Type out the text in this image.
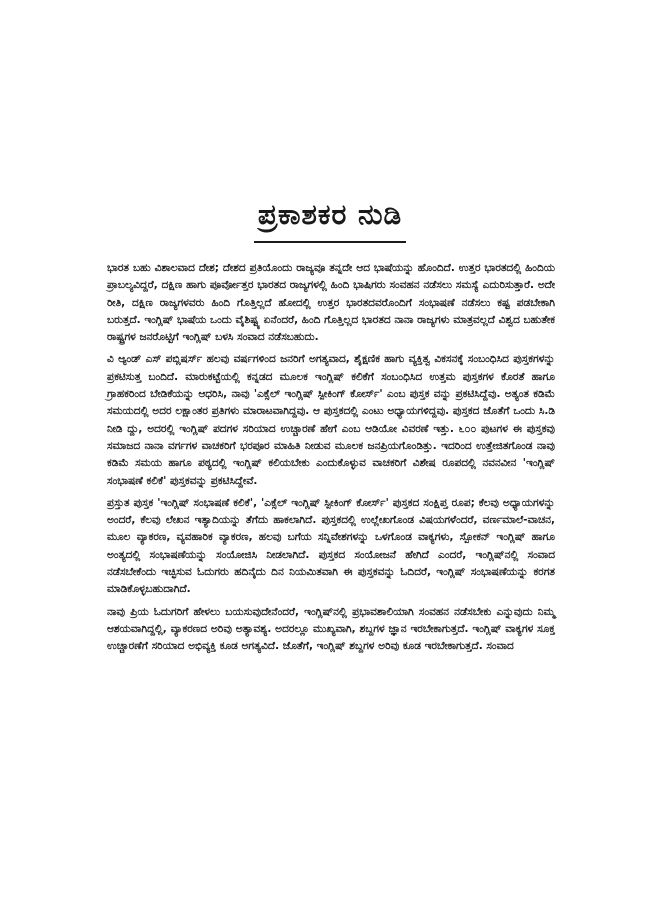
ಪ್ರಕಾಶಕರ ನುಡಿ

ಭಾರತ ಬಹು ವಿಶಾಲವಾದ ದೇಶ; ದೇಶದ ಪ್ರತಿಯೊಂದು ರಾಜ್ಯವೂ ತನ್ನದೇ ಆದ ಭಾಷೆಯನ್ನು ಹೊಂದಿದೆ. ಉತ್ತರ ಭಾರತದಲ್ಲಿ ಹಿಂದಿಯ ಪ್ರಾಬಲ್ಯವಿದ್ದರೆ, ದಕ್ಷಿಣ ಹಾಗು ಪೂರ್ವೋತ್ತರ ಭಾರತದ ರಾಜ್ಯಗಳಲ್ಲಿ ಹಿಂದಿ ಭಾಷಿಗರು ಸಂವಹನ ನಡೆಸಲು ಸಮಸ್ಯೆ ಎದುರಿಸುತ್ತಾರೆ. ಅದೇ ರೀತಿ, ದಕ್ಷಿಣ ರಾಜ್ಯಗಳವರು ಹಿಂದಿ ಗೊತ್ತಿಲ್ಲದೆ ಹೋದಲ್ಲಿ ಉತ್ತರ ಭಾರತದವರೊಂದಿಗೆ ಸಂಭಾಷಣೆ ನಡೆಸಲು ಕಷ್ಟ ಪಡಬೇಕಾಗಿ ಬರುತ್ತದೆ. ಇಂಗ್ಲಿಷ್ ಭಾಷೆಯ ಒಂದು ವೈಶಿಷ್ಟ್ಯ ಏನೆಂದರೆ, ಹಿಂದಿ ಗೊತ್ತಿಲ್ಲದ ಭಾರತದ ನಾನಾ ರಾಜ್ಯಗಳು ಮಾತ್ರವಲ್ಲದೆ ವಿಶ್ವದ ಬಹುತೇಕ ರಾಷ್ಟ್ರಗಳ ಜನರೊಟ್ಟಿಗೆ ಇಂಗ್ಲಿಷ್ ಬಳಸಿ ಸಂವಾದ ನಡೆಸಬಹುದು.

ವಿ ಆ್ಯಂಡ್ ಎಸ್ ಪಬ್ಲಿಷರ್ಸ್ ಹಲವು ವರ್ಷಗಳಿಂದ ಜನರಿಗೆ ಅಗತ್ಯವಾದ, ಶೈಕ್ಷಣಿಕ ಹಾಗು ವ್ಯಕ್ತಿತ್ವ ವಿಕಸನಕ್ಕೆ ಸಂಬಂಧಿಸಿದ ಪುಸ್ತಕಗಳನ್ನು ಪ್ರಕಟಿಸುತ್ತ ಬಂದಿದೆ. ಮಾರುಕಟ್ಟೆಯಲ್ಲಿ ಕನ್ನಡದ ಮೂಲಕ ಇಂಗ್ಲಿಷ್ ಕಲಿಕೆಗೆ ಸಂಬಂಧಿಸಿದ ಉತ್ತಮ ಪುಸ್ತಕಗಳ ಕೊರತೆ ಹಾಗೂ ಗ್ರಾಹಕರಿಂದ ಬೇಡಿಕೆಯನ್ನು ಆಧರಿಸಿ, ನಾವು 'ಎಕ್ಸೆಲ್ ಇಂಗ್ಲಿಷ್ ಸ್ಪೀಕಿಂಗ್ ಕೋರ್ಸ್' ಎಂಬ ಪುಸ್ತಕ ವನ್ನು ಪ್ರಕಟಿಸಿದ್ದೆವು. ಅತ್ಯಂತ ಕಡಿಮೆ ಸಮಯದಲ್ಲಿ ಅದರ ಲಕ್ಷಾಂತರ ಪ್ರತಿಗಳು ಮಾರಾಟವಾಗಿದ್ದವು. ಆ ಪುಸ್ತಕದಲ್ಲಿ ಎಂಟು ಅಧ್ಯಾಯಗಳಿದ್ದವು. ಪುಸ್ತಕದ ಜೊತೆಗೆ ಒಂದು ಸಿ.ಡಿ ನೀಡಿ ದ್ದು, ಅದರಲ್ಲಿ ಇಂಗ್ಲಿಷ್ ಪದಗಳ ಸರಿಯಾದ ಉಚ್ಚಾರಣೆ ಹೇಗೆ ಎಂಬ ಆಡಿಯೋ ವಿವರಣೆ ಇತ್ತು. ೬೦೦ ಪುಟಗಳ ಈ ಪುಸ್ತಕವು ಸಮಾಜದ ನಾನಾ ವರ್ಗಗಳ ವಾಚಕರಿಗೆ ಭರಪೂರ ಮಾಹಿತಿ ನೀಡುವ ಮೂಲಕ ಜನಪ್ರಿಯಗೊಂಡಿತ್ತು. ಇದರಿಂದ ಉತ್ತೇಜಿತಗೊಂಡ ನಾವು ಕಡಿಮೆ ಸಮಯ ಹಾಗೂ ಪಠ್ಯದಲ್ಲಿ ಇಂಗ್ಲಿಷ್ ಕಲಿಯಬೇಕು ಎಂದುಕೊಳ್ಳುವ ವಾಚಕರಿಗೆ ವಿಶೇಷ ರೂಪದಲ್ಲಿ ನವನವೀನ 'ಇಂಗ್ಲಿಷ್ ಸಂಭಾಷಣೆ ಕಲಿಕೆ' ಪುಸ್ತಕವನ್ನು ಪ್ರಕಟಿಸಿದ್ದೇವೆ.

ಪ್ರಸ್ತುತ ಪುಸ್ತಕ 'ಇಂಗ್ಲಿಷ್ ಸಂಭಾಷಣೆ ಕಲಿಕೆ', 'ಎಕ್ಸೆಲ್ ಇಂಗ್ಲಿಷ್ ಸ್ಪೀಕಿಂಗ್ ಕೋರ್ಸ್' ಪುಸ್ತಕದ ಸಂಕ್ಷಿಪ್ತ ರೂಪ; ಕೆಲವು ಅಧ್ಯಾಯಗಳನ್ನು ಅಂದರೆ, ಕೆಲವು ಲೇಖನ ಇತ್ಯಾದಿಯನ್ನು ತೆಗೆದು ಹಾಕಲಾಗಿದೆ. ಪುಸ್ತಕದಲ್ಲಿ ಉಲ್ಲೇಖಗೊಂಡ ವಿಷಯಗಳೆಂದರೆ, ವರ್ಣಮಾಲೆ-ವಾಚನ, ಮೂಲ ವ್ಯಾಕರಣ, ವ್ಯವಹಾರಿಕ ವ್ಯಾಕರಣ, ಹಲವು ಬಗೆಯ ಸನ್ನಿವೇಶಗಳನ್ನು ಒಳಗೊಂಡ ವಾಕ್ಯಗಳು, ಸ್ಪೋಕನ್ ಇಂಗ್ಲಿಷ್ ಹಾಗೂ ಅಂತ್ಯದಲ್ಲಿ ಸಂಭಾಷಣೆಯನ್ನು ಸಂಯೋಜಿಸಿ ನೀಡಲಾಗಿದೆ. ಪುಸ್ತಕದ ಸಂಯೋಜನೆ ಹೇಗಿದೆ ಎಂದರೆ, ಇಂಗ್ಲಿಷ್‌ನಲ್ಲಿ ಸಂವಾದ ನಡೆಸಬೇಕೆಂದು ಇಚ್ಛಿಸುವ ಓದುಗರು ಹದಿನೈದು ದಿನ ನಿಯಮಿತವಾಗಿ ಈ ಪುಸ್ತಕವನ್ನು ಓದಿದರೆ, ಇಂಗ್ಲಿಷ್ ಸಂಭಾಷಣೆಯನ್ನು ಕರಗತ ಮಾಡಿಕೊಳ್ಳಬಹುದಾಗಿದೆ.

ನಾವು ಪ್ರಿಯ ಓದುಗರಿಗೆ ಹೇಳಲು ಬಯಸುವುದೇನೆಂದರೆ, ಇಂಗ್ಲಿಷ್‌ನಲ್ಲಿ ಪ್ರಭಾವಶಾಲಿಯಾಗಿ ಸಂವಹನ ನಡೆಸಬೇಕು ಎನ್ನುವುದು ನಿಮ್ಮ ಆಶಯವಾಗಿದ್ದಲ್ಲಿ, ವ್ಯಾಕರಣದ ಅರಿವು ಅತ್ಯಾವಶ್ಯ. ಅದರಲ್ಲೂ ಮುಖ್ಯವಾಗಿ, ಶಬ್ದಗಳ ಜ್ಞಾನ ಇರಬೇಕಾಗುತ್ತದೆ. ಇಂಗ್ಲಿಷ್ ವಾಕ್ಯಗಳ ಸೂಕ್ತ ಉಚ್ಚಾರಣೆಗೆ ಸರಿಯಾದ ಅಭಿವ್ಯಕ್ತಿ ಕೂಡ ಅಗತ್ಯವಿದೆ. ಜೊತೆಗೆ, ಇಂಗ್ಲಿಷ್ ಶಬ್ದಗಳ ಅರಿವು ಕೂಡ ಇರಬೇಕಾಗುತ್ತದೆ. ಸಂವಾದ
